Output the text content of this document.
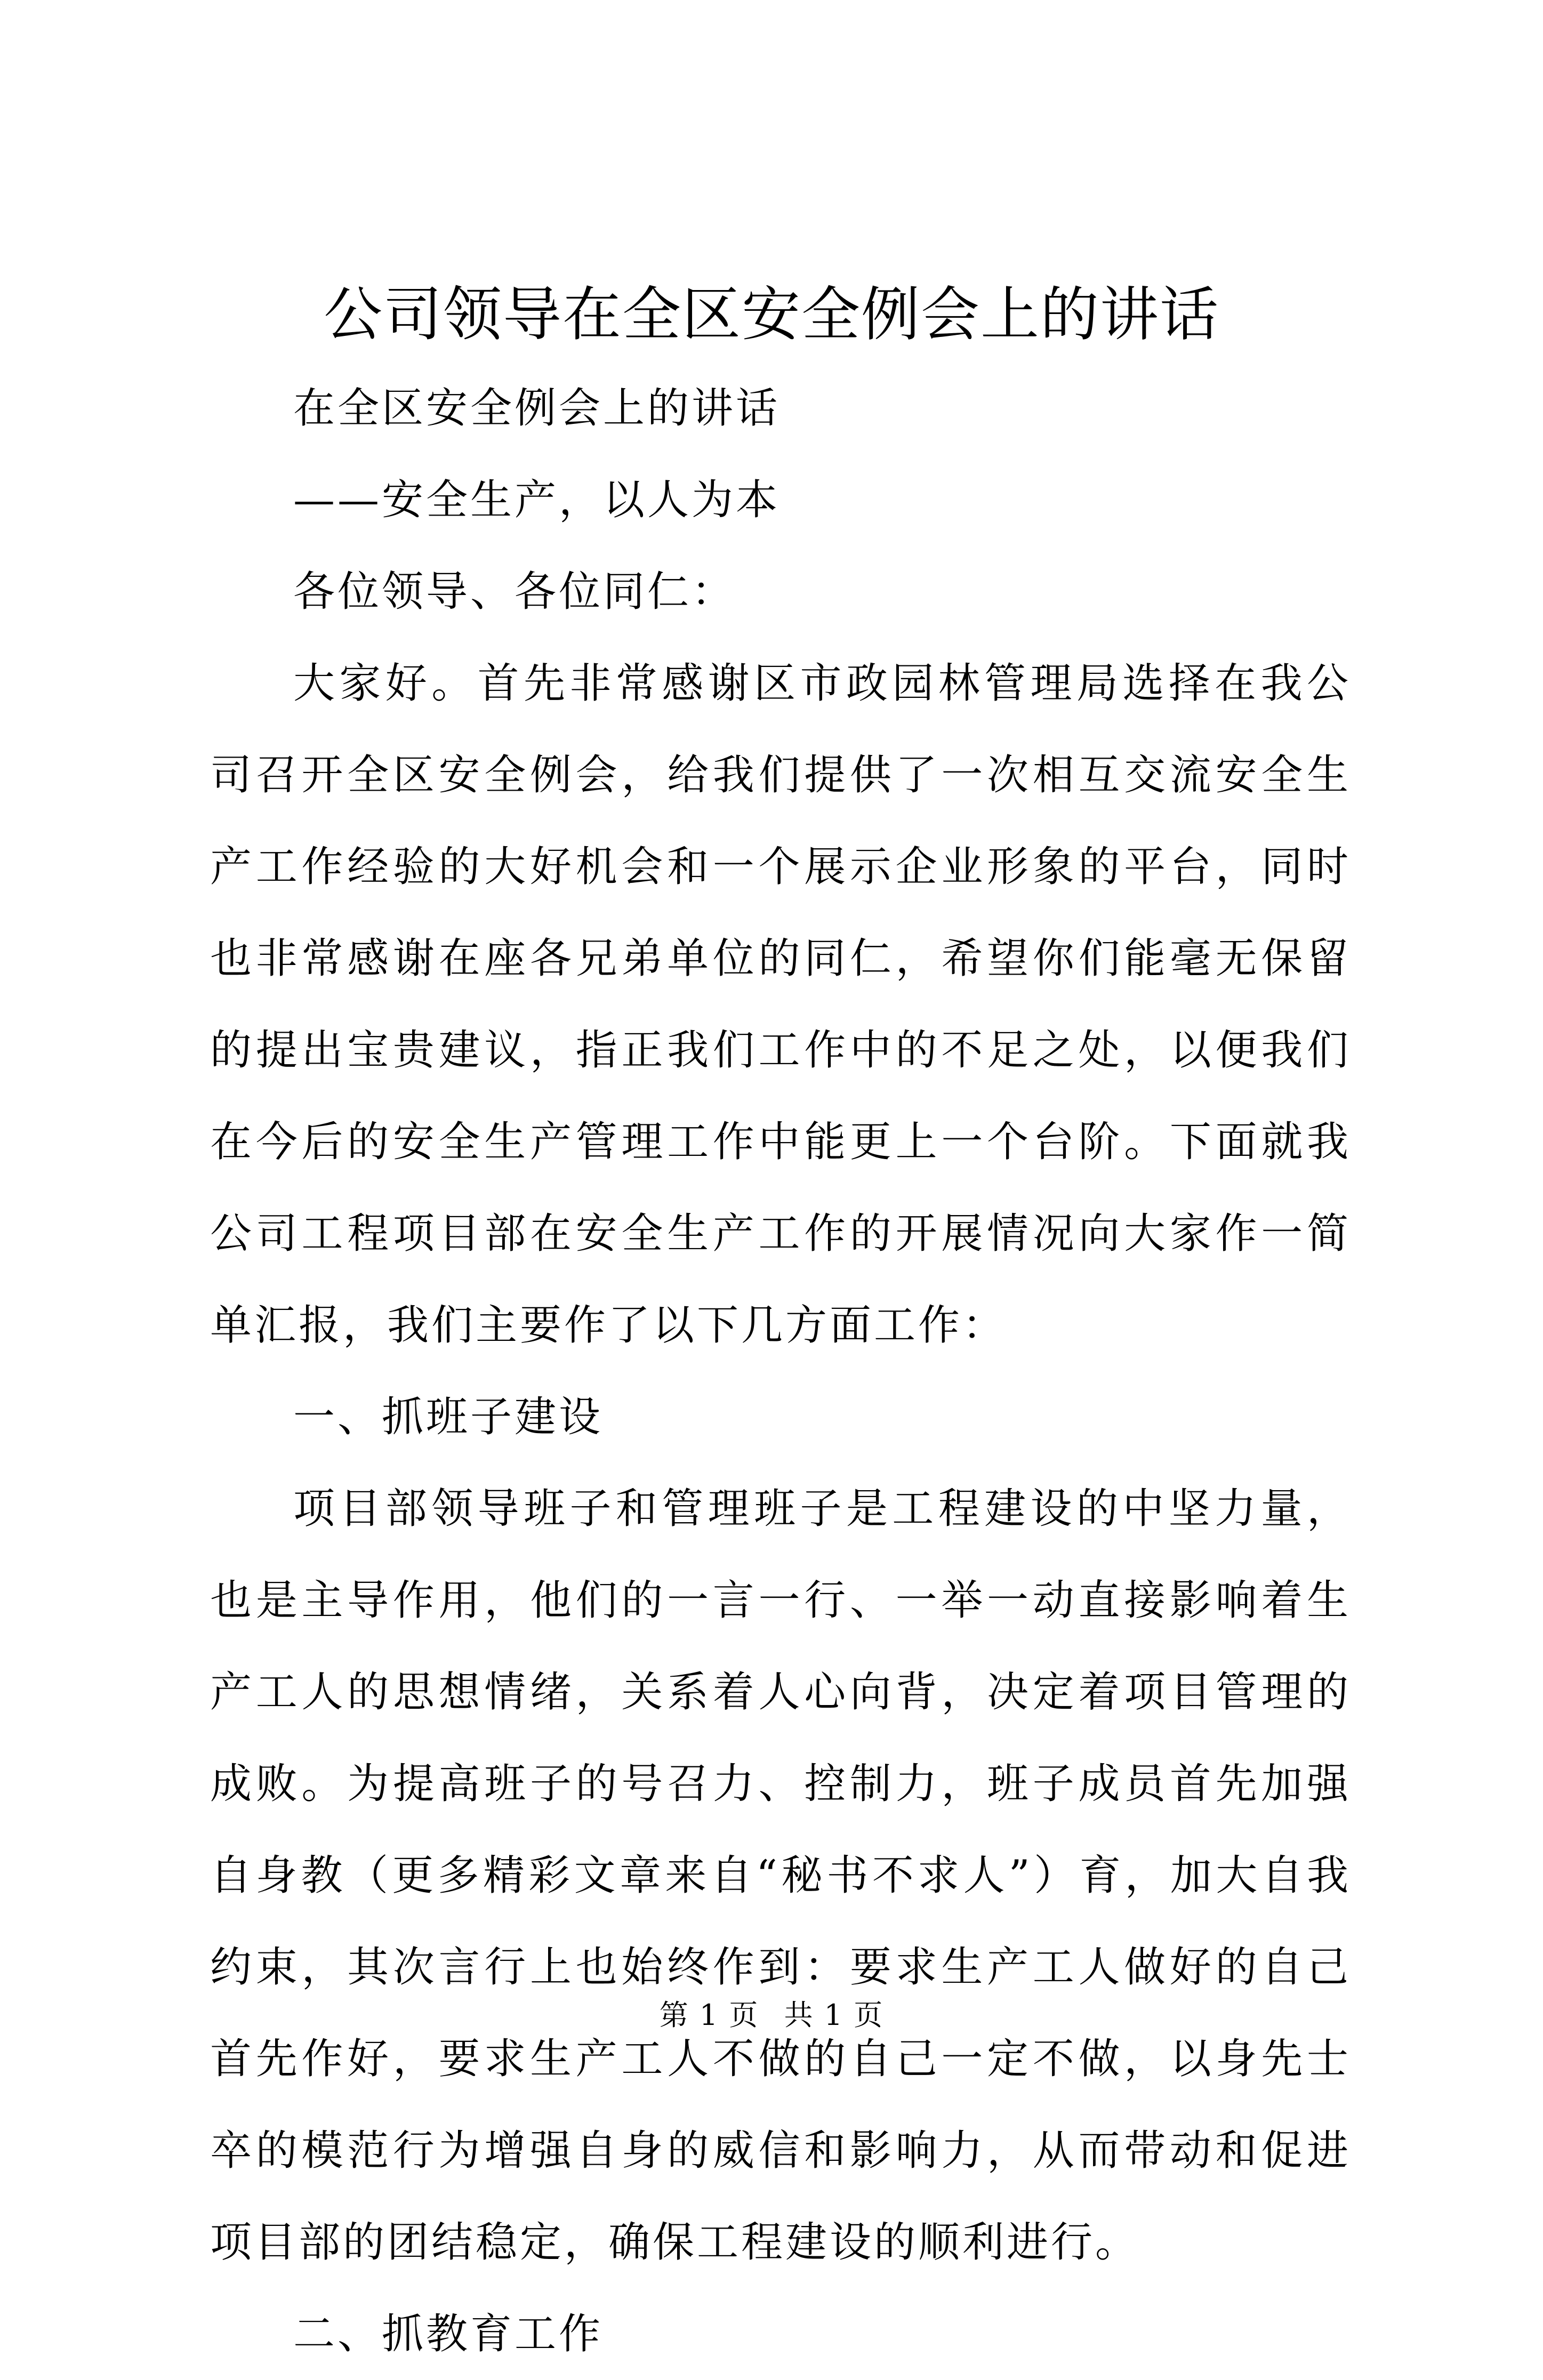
公司领导在全区安全例会上的讲话

在全区安全例会上的讲话

——安全生产，以人为本

各位领导、各位同仁：

大家好。首先非常感谢区市政园林管理局选择在我公司召开全区安全例会，给我们提供了一次相互交流安全生产工作经验的大好机会和一个展示企业形象的平台，同时也非常感谢在座各兄弟单位的同仁，希望你们能毫无保留的提出宝贵建议，指正我们工作中的不足之处，以便我们在今后的安全生产管理工作中能更上一个台阶。下面就我公司工程项目部在安全生产工作的开展情况向大家作一简单汇报，我们主要作了以下几方面工作：

一、抓班子建设

项目部领导班子和管理班子是工程建设的中坚力量，也是主导作用，他们的一言一行、一举一动直接影响着生产工人的思想情绪，关系着人心向背，决定着项目管理的成败。为提高班子的号召力、控制力，班子成员首先加强自身教（更多精彩文章来自“秘书不求人”）育，加大自我约束，其次言行上也始终作到：要求生产工人做好的自己首先作好，要求生产工人不做的自己一定不做，以身先士卒的模范行为增强自身的威信和影响力，从而带动和促进项目部的团结稳定，确保工程建设的顺利进行。

二、抓教育工作

第 1 页 共 1 页
